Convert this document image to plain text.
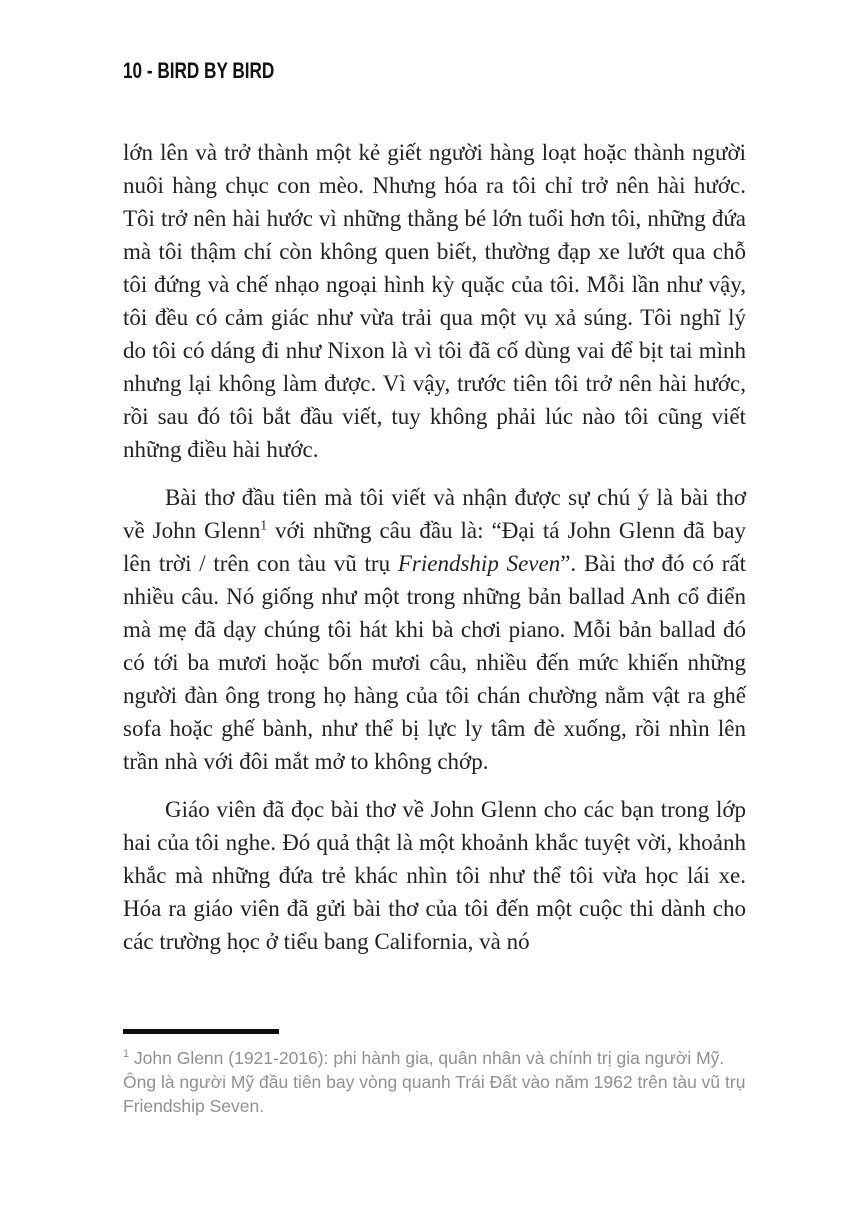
10 - BIRD BY BIRD

lớn lên và trở thành một kẻ giết người hàng loạt hoặc thành người nuôi hàng chục con mèo. Nhưng hóa ra tôi chỉ trở nên hài hước. Tôi trở nên hài hước vì những thằng bé lớn tuổi hơn tôi, những đứa mà tôi thậm chí còn không quen biết, thường đạp xe lướt qua chỗ tôi đứng và chế nhạo ngoại hình kỳ quặc của tôi. Mỗi lần như vậy, tôi đều có cảm giác như vừa trải qua một vụ xả súng. Tôi nghĩ lý do tôi có dáng đi như Nixon là vì tôi đã cố dùng vai để bịt tai mình nhưng lại không làm được. Vì vậy, trước tiên tôi trở nên hài hước, rồi sau đó tôi bắt đầu viết, tuy không phải lúc nào tôi cũng viết những điều hài hước.

Bài thơ đầu tiên mà tôi viết và nhận được sự chú ý là bài thơ về John Glenn$^1$ với những câu đầu là: “Đại tá John Glenn đã bay lên trời / trên con tàu vũ trụ Friendship Seven”. Bài thơ đó có rất nhiều câu. Nó giống như một trong những bản ballad Anh cổ điển mà mẹ đã dạy chúng tôi hát khi bà chơi piano. Mỗi bản ballad đó có tới ba mươi hoặc bốn mươi câu, nhiều đến mức khiến những người đàn ông trong họ hàng của tôi chán chường nằm vật ra ghế sofa hoặc ghế bành, như thể bị lực ly tâm đè xuống, rồi nhìn lên trần nhà với đôi mắt mở to không chớp.

Giáo viên đã đọc bài thơ về John Glenn cho các bạn trong lớp hai của tôi nghe. Đó quả thật là một khoảnh khắc tuyệt vời, khoảnh khắc mà những đứa trẻ khác nhìn tôi như thể tôi vừa học lái xe. Hóa ra giáo viên đã gửi bài thơ của tôi đến một cuộc thi dành cho các trường học ở tiểu bang California, và nó

$^1$ John Glenn (1921-2016): phi hành gia, quân nhân và chính trị gia người Mỹ. Ông là người Mỹ đầu tiên bay vòng quanh Trái Đất vào năm 1962 trên tàu vũ trụ Friendship Seven.
